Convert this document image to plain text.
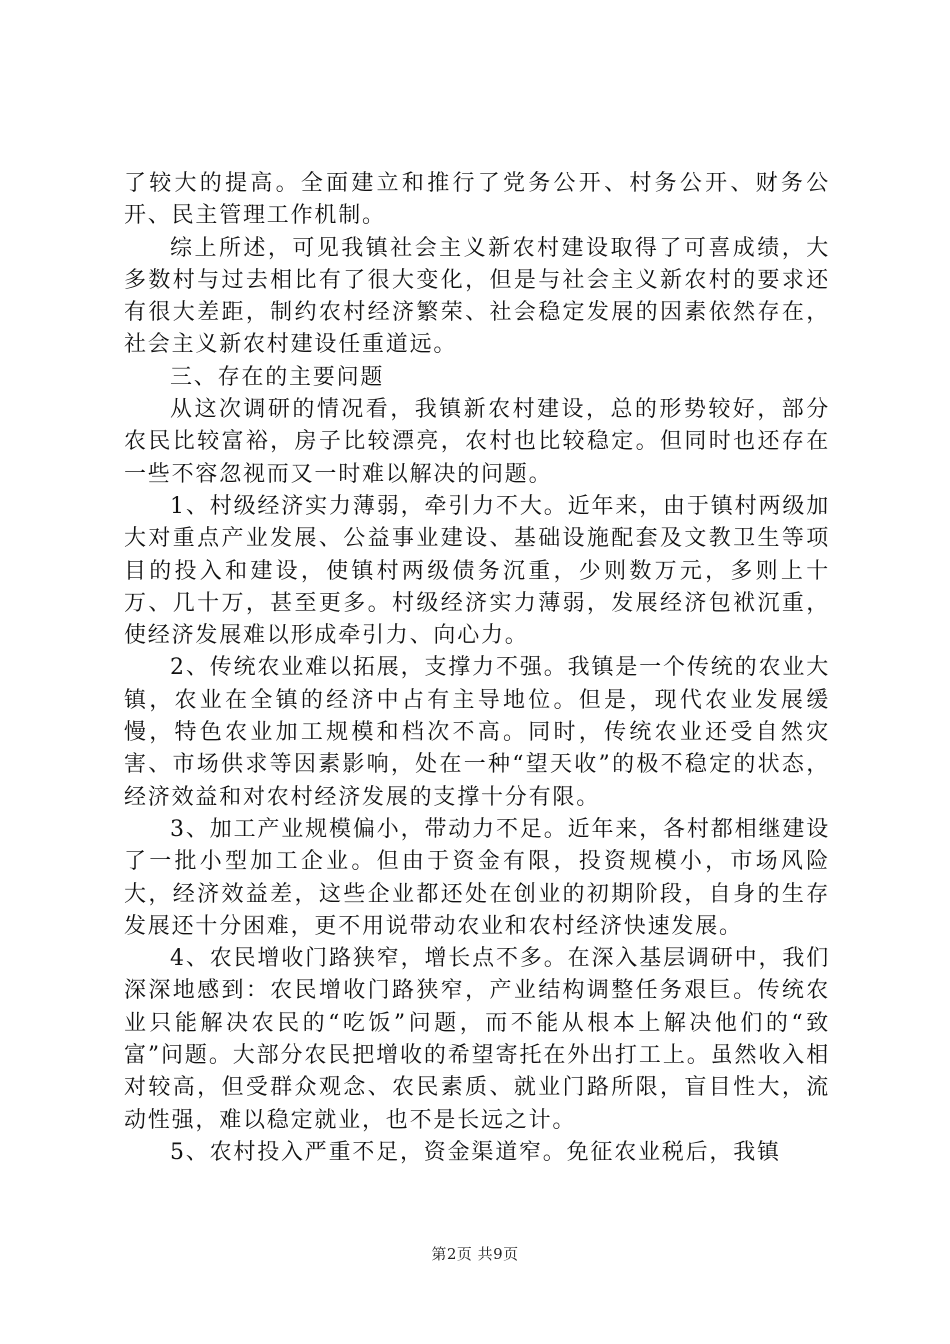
了较大的提高。全面建立和推行了党务公开、村务公开、财务公开、民主管理工作机制。

综上所述，可见我镇社会主义新农村建设取得了可喜成绩，大多数村与过去相比有了很大变化，但是与社会主义新农村的要求还有很大差距，制约农村经济繁荣、社会稳定发展的因素依然存在，社会主义新农村建设任重道远。

三、存在的主要问题

从这次调研的情况看，我镇新农村建设，总的形势较好，部分农民比较富裕，房子比较漂亮，农村也比较稳定。但同时也还存在一些不容忽视而又一时难以解决的问题。

1、村级经济实力薄弱，牵引力不大。近年来，由于镇村两级加大对重点产业发展、公益事业建设、基础设施配套及文教卫生等项目的投入和建设，使镇村两级债务沉重，少则数万元，多则上十万、几十万，甚至更多。村级经济实力薄弱，发展经济包袱沉重，使经济发展难以形成牵引力、向心力。

2、传统农业难以拓展，支撑力不强。我镇是一个传统的农业大镇，农业在全镇的经济中占有主导地位。但是，现代农业发展缓慢，特色农业加工规模和档次不高。同时，传统农业还受自然灾害、市场供求等因素影响，处在一种“望天收”的极不稳定的状态，经济效益和对农村经济发展的支撑十分有限。

3、加工产业规模偏小，带动力不足。近年来，各村都相继建设了一批小型加工企业。但由于资金有限，投资规模小，市场风险大，经济效益差，这些企业都还处在创业的初期阶段，自身的生存发展还十分困难，更不用说带动农业和农村经济快速发展。

4、农民增收门路狭窄，增长点不多。在深入基层调研中，我们深深地感到：农民增收门路狭窄，产业结构调整任务艰巨。传统农业只能解决农民的“吃饭”问题，而不能从根本上解决他们的“致富”问题。大部分农民把增收的希望寄托在外出打工上。虽然收入相对较高，但受群众观念、农民素质、就业门路所限，盲目性大，流动性强，难以稳定就业，也不是长远之计。

5、农村投入严重不足，资金渠道窄。免征农业税后，我镇

第2页 共9页
